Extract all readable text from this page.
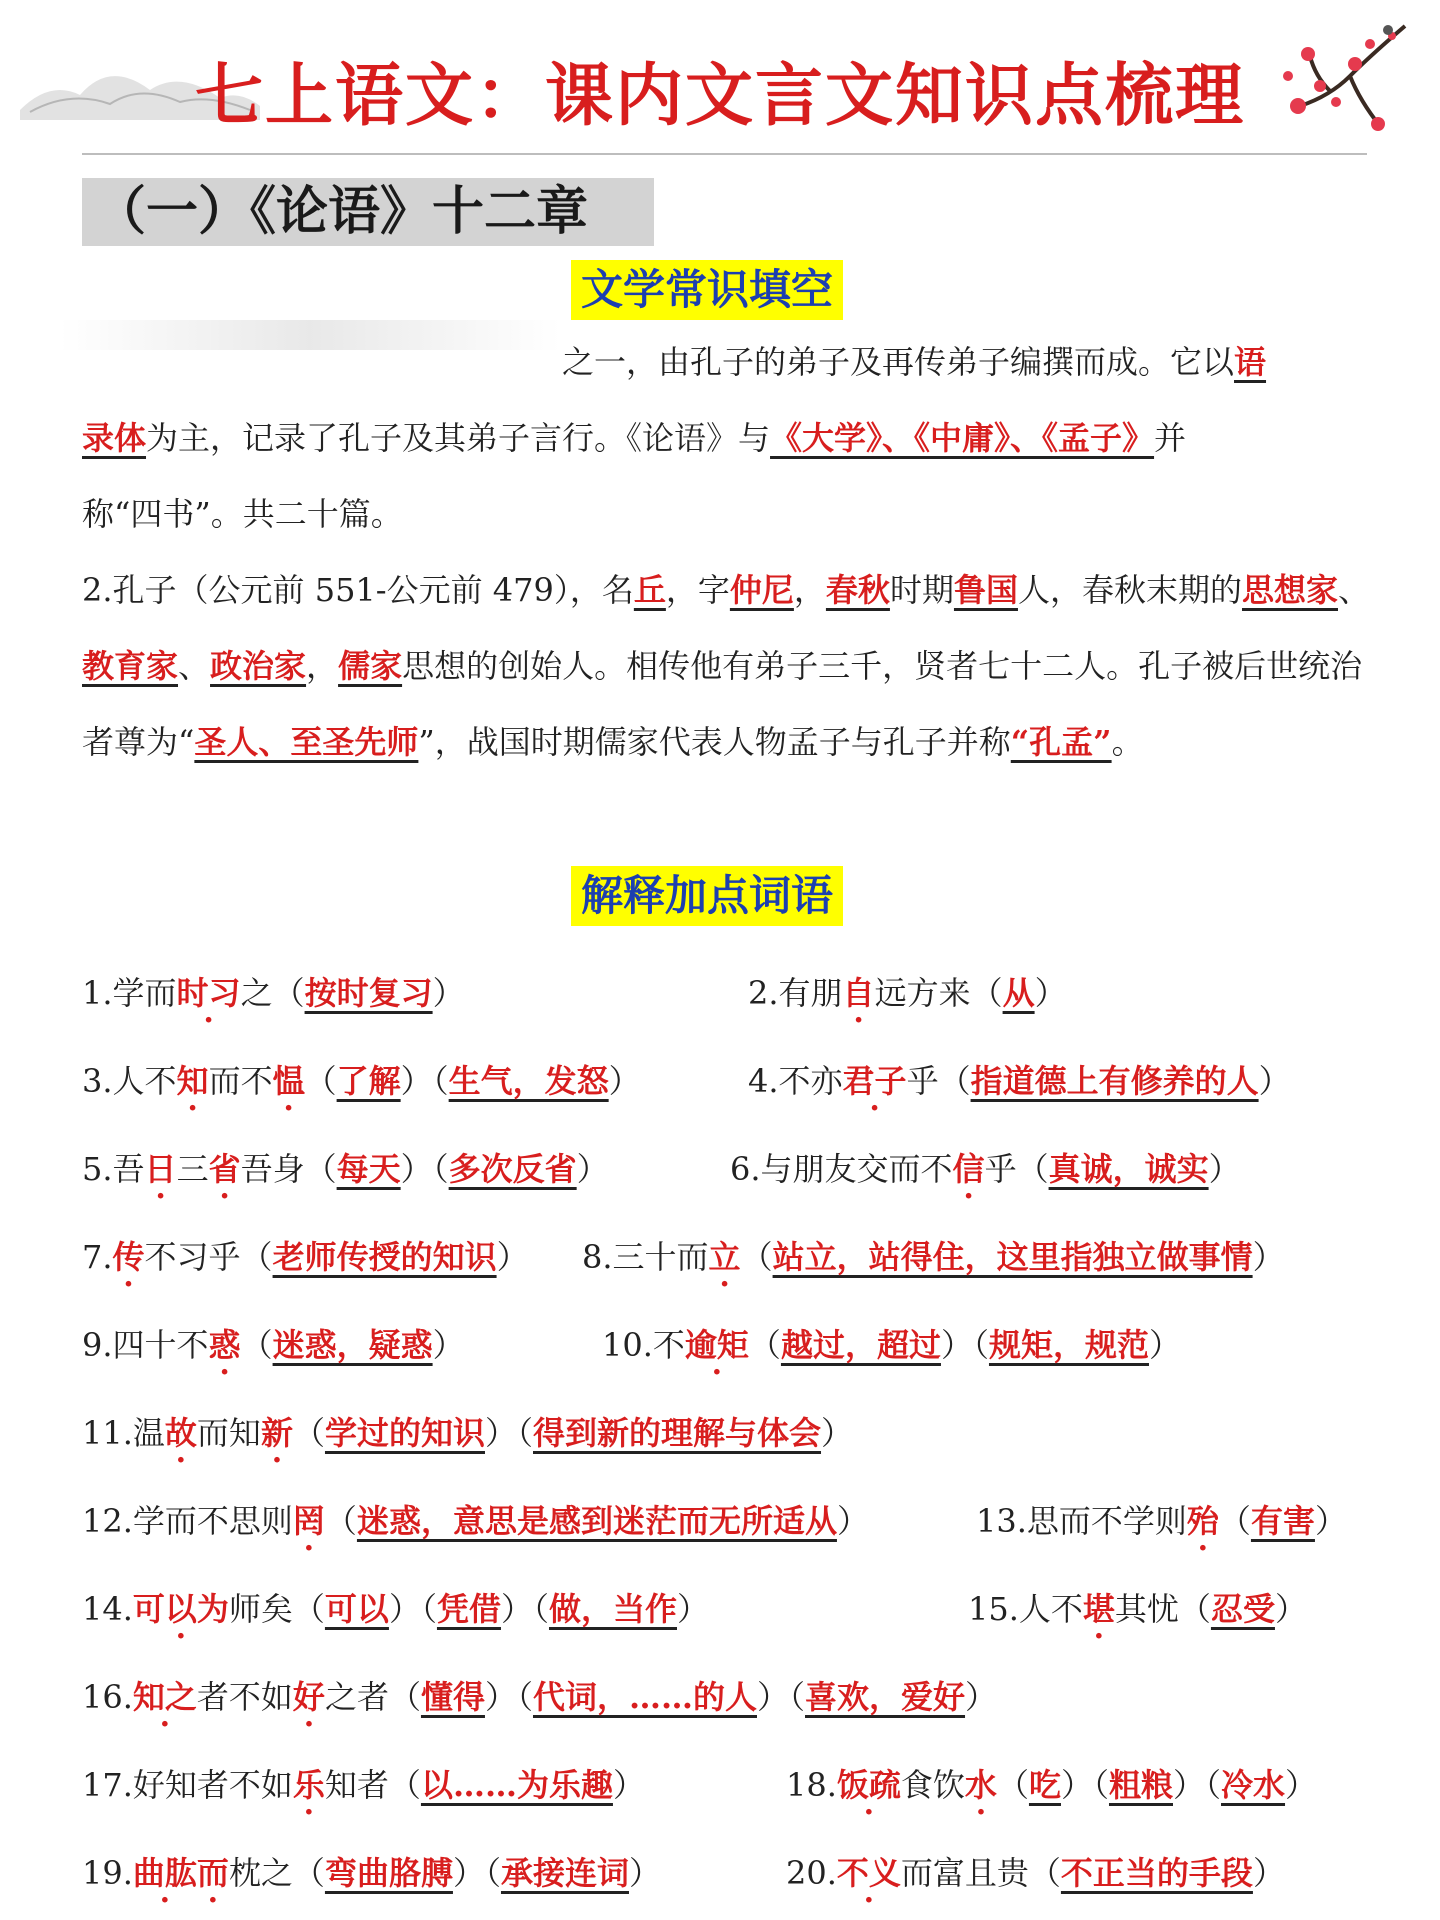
七上语文：课内文言文知识点梳理
（一）《论语》十二章
文学常识填空
之一，由孔子的弟子及再传弟子编撰而成。它以语
录体为主，记录了孔子及其弟子言行。《论语》与《大学》、《中庸》、《孟子》并
称“四书”。共二十篇。
2.孔子（公元前 551-公元前 479），名丘，字仲尼，春秋时期鲁国人，春秋末期的思想家、教育家、政治家，儒家思想的创始人。相传他有弟子三千，贤者七十二人。孔子被后世统治者尊为“圣人、至圣先师”，战国时期儒家代表人物孟子与孔子并称“孔孟”。
解释加点词语
1.学而时习之（按时复习）	2.有朋自远方来（从）
3.人不知而不愠（了解）（生气，发怒）	4.不亦君子乎（指道德上有修养的人）
5.吾日三省吾身（每天）（多次反省）	6.与朋友交而不信乎（真诚，诚实）
7.传不习乎（老师传授的知识） 8.三十而立（站立，站得住，这里指独立做事情）
9.四十不惑（迷惑，疑惑）	10.不逾矩（越过，超过）（规矩，规范）
11.温故而知新（学过的知识）（得到新的理解与体会）
12.学而不思则罔（迷惑，意思是感到迷茫而无所适从）	13.思而不学则殆（有害）
14.可以为师矣（可以）（凭借）（做，当作）	15.人不堪其忧（忍受）
16.知之者不如好之者（懂得）（代词，……的人）（喜欢，爱好）
17.好知者不如乐知者（以……为乐趣）	18.饭疏食饮水（吃）（粗粮）（冷水）
19.曲肱而枕之（弯曲胳膊）（承接连词）	20.不义而富且贵（不正当的手段）
